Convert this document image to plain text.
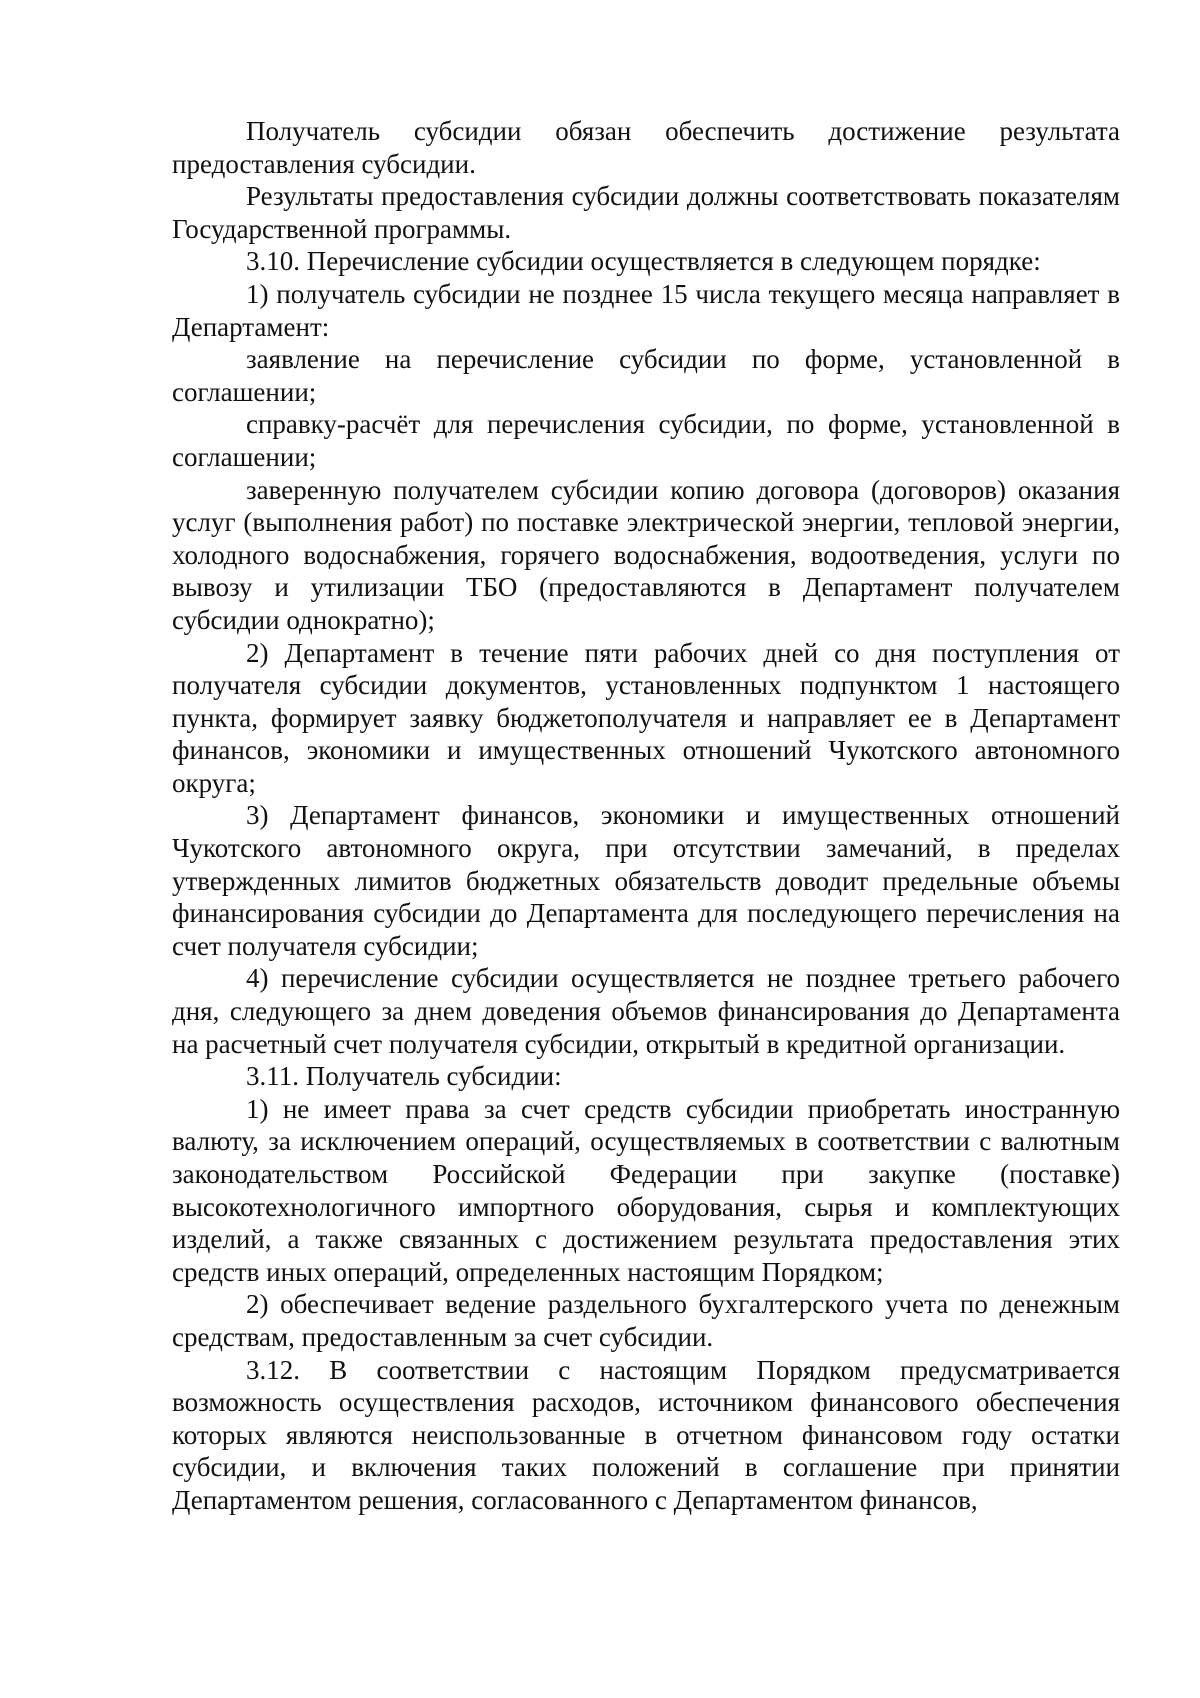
Получатель субсидии обязан обеспечить достижение результата предоставления субсидии.

Результаты предоставления субсидии должны соответствовать показателям Государственной программы.

3.10. Перечисление субсидии осуществляется в следующем порядке:

1) получатель субсидии не позднее 15 числа текущего месяца направляет в Департамент:

заявление на перечисление субсидии по форме, установленной в соглашении;

справку-расчёт для перечисления субсидии, по форме, установленной в соглашении;

заверенную получателем субсидии копию договора (договоров) оказания услуг (выполнения работ) по поставке электрической энергии, тепловой энергии, холодного водоснабжения, горячего водоснабжения, водоотведения, услуги по вывозу и утилизации ТБО (предоставляются в Департамент получателем субсидии однократно);

2) Департамент в течение пяти рабочих дней со дня поступления от получателя субсидии документов, установленных подпунктом 1 настоящего пункта, формирует заявку бюджетополучателя и направляет ее в Департамент финансов, экономики и имущественных отношений Чукотского автономного округа;

3) Департамент финансов, экономики и имущественных отношений Чукотского автономного округа, при отсутствии замечаний, в пределах утвержденных лимитов бюджетных обязательств доводит предельные объемы финансирования субсидии до Департамента для последующего перечисления на счет получателя субсидии;

4) перечисление субсидии осуществляется не позднее третьего рабочего дня, следующего за днем доведения объемов финансирования до Департамента на расчетный счет получателя субсидии, открытый в кредитной организации.

3.11. Получатель субсидии:

1) не имеет права за счет средств субсидии приобретать иностранную валюту, за исключением операций, осуществляемых в соответствии с валютным законодательством Российской Федерации при закупке (поставке) высокотехнологичного импортного оборудования, сырья и комплектующих изделий, а также связанных с достижением результата предоставления этих средств иных операций, определенных настоящим Порядком;

2) обеспечивает ведение раздельного бухгалтерского учета по денежным средствам, предоставленным за счет субсидии.

3.12. В соответствии с настоящим Порядком предусматривается возможность осуществления расходов, источником финансового обеспечения которых являются неиспользованные в отчетном финансовом году остатки субсидии, и включения таких положений в соглашение при принятии Департаментом решения, согласованного с Департаментом финансов,
